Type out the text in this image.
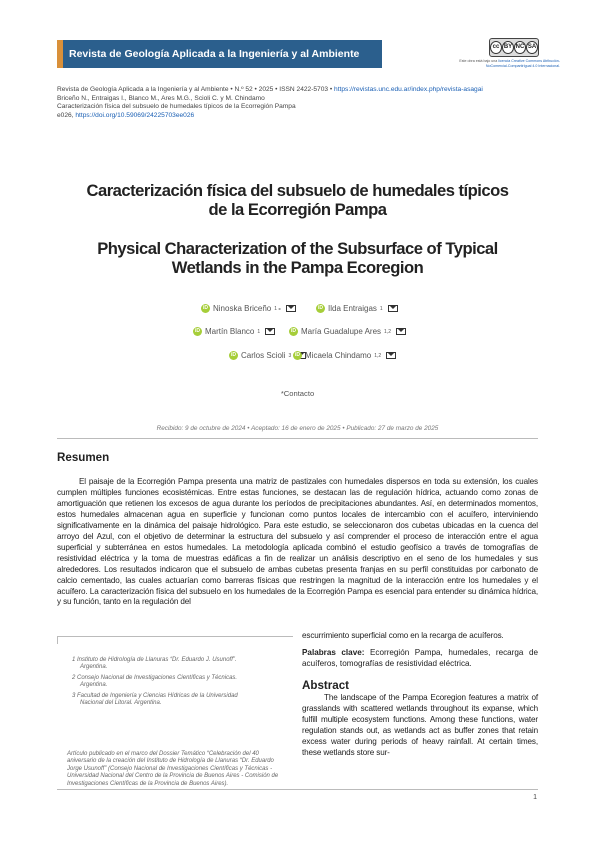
Revista de Geología Aplicada a la Ingeniería y al Ambiente
cc BY NC SA
Este obra está bajo una licencia Creative Commons Atribución-
NoComercial-CompartirIgual 4.0 Internacional.
Revista de Geología Aplicada a la Ingeniería y al Ambiente • N.º 52 • 2025 • ISSN 2422-5703 • https://revistas.unc.edu.ar/index.php/revista-asagai
Briceño N., Entraigas I., Blanco M., Ares M.G., Scioli C. y M. Chindamo
Caracterización física del subsuelo de humedales típicos de la Ecorregión Pampa
e026, https://doi.org/10.59069/24225703ee026
Caracterización física del subsuelo de humedales típicos
de la Ecorregión Pampa
Physical Characterization of the Subsurface of Typical
Wetlands in the Pampa Ecoregion
iD Ninoska Briceño 1 ⁎	iD Ilda Entraigas 1
iD Martín Blanco 1	iD María Guadalupe Ares 1,2
iD Carlos Scioli 3 iD Micaela Chindamo 1,2
*Contacto
Recibido: 9 de octubre de 2024 • Aceptado: 16 de enero de 2025 • Publicado: 27 de marzo de 2025
Resumen
El paisaje de la Ecorregión Pampa presenta una matriz de pastizales con humedales dispersos en toda su extensión, los cuales cumplen múltiples funciones ecosistémicas. Entre estas funciones, se destacan las de regulación hídrica, actuando como zonas de amortiguación que retienen los excesos de agua durante los períodos de precipitaciones abundantes. Así, en determinados momentos, estos humedales almacenan agua en superficie y funcionan como puntos locales de intercambio con el acuífero, interviniendo significativamente en la dinámica del paisaje hidrológico. Para este estudio, se seleccionaron dos cubetas ubicadas en la cuenca del arroyo del Azul, con el objetivo de determinar la estructura del subsuelo y así comprender el proceso de interacción entre el agua superficial y subterránea en estos humedales. La metodología aplicada combinó el estudio geofísico a través de tomografías de resistividad eléctrica y la toma de muestras edáficas a fin de realizar un análisis descriptivo en el seno de los humedales y sus alrededores. Los resultados indicaron que el subsuelo de ambas cubetas presenta franjas en su perfil constituidas por carbonato de calcio cementado, las cuales actuarían como barreras físicas que restringen la magnitud de la interacción entre los humedales y el acuífero. La caracterización física del subsuelo en los humedales de la Ecorregión Pampa es esencial para entender su dinámica hídrica, y su función, tanto en la regulación del
escurrimiento superficial como en la recarga de acuíferos.
Palabras clave: Ecorregión Pampa, humedales, recarga de acuíferos, tomografías de resistividad eléctrica.
Abstract
The landscape of the Pampa Ecoregion features a matrix of grasslands with scattered wetlands throughout its expanse, which fulfill multiple ecosystem functions. Among these functions, water regulation stands out, as wetlands act as buffer zones that retain excess water during periods of heavy rainfall. At certain times, these wetlands store sur-
1 Instituto de Hidrología de Llanuras “Dr. Eduardo J. Usunoff”.
Argentina.
2 Consejo Nacional de Investigaciones Científicas y Técnicas.
Argentina.
3 Facultad de Ingeniería y Ciencias Hídricas de la Universidad
Nacional del Litoral. Argentina.
Artículo publicado en el marco del Dossier Temático “Celebración del 40 aniversario de la creación del Instituto de Hidrología de Llanuras “Dr. Eduardo Jorge Usunoff” (Consejo Nacional de Investigaciones Científicas y Técnicas - Universidad Nacional del Centro de la Provincia de Buenos Aires - Comisión de Investigaciones Científicas de la Provincia de Buenos Aires).
1
